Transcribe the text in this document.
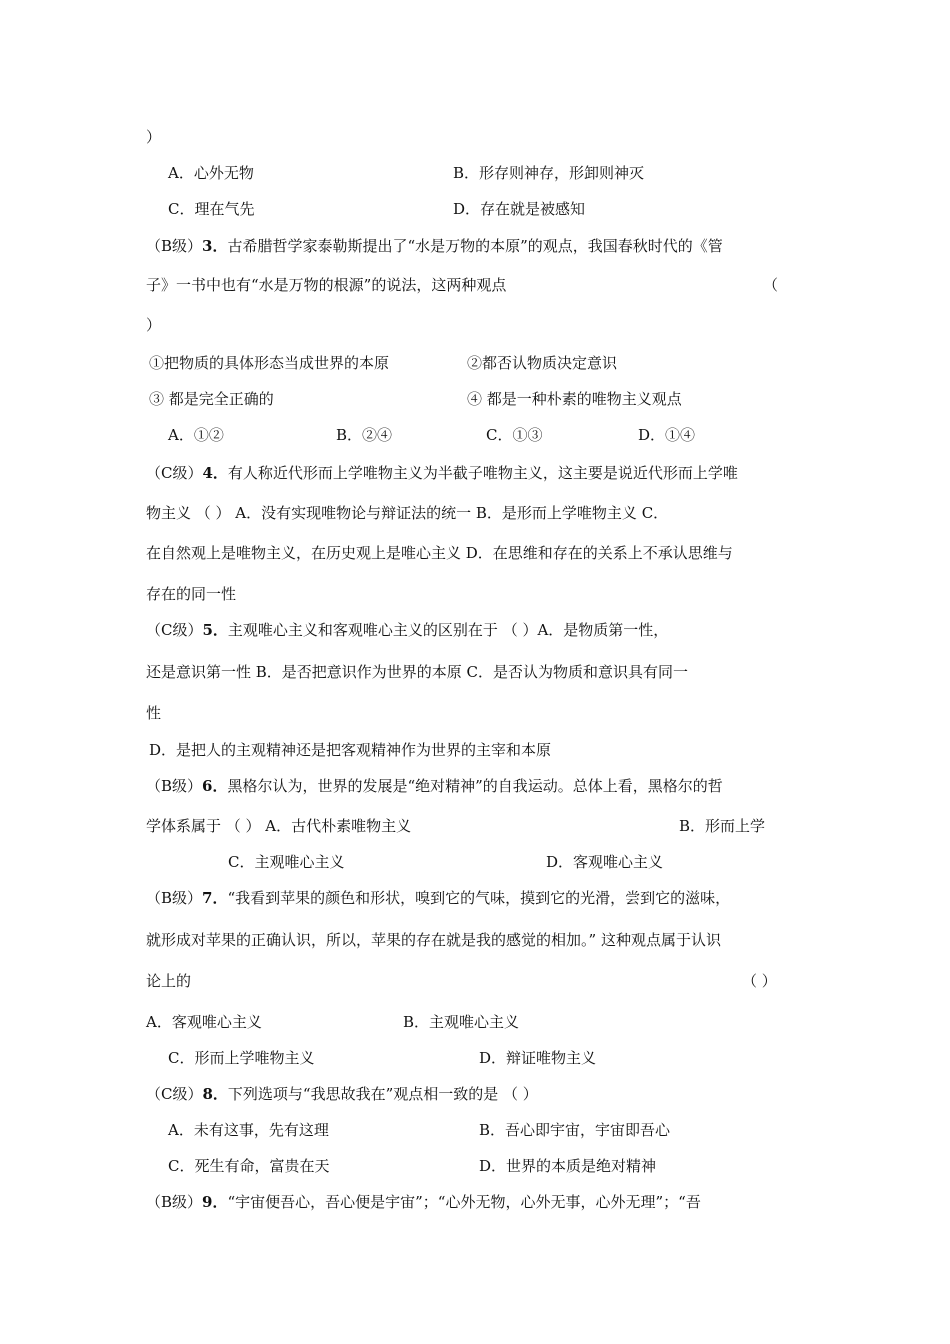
）
A．心外无物	B．形存则神存，形卸则神灭
C．理在气先	D．存在就是被感知
（B级）3．古希腊哲学家泰勒斯提出了“水是万物的本原”的观点，我国春秋时代的《管
子》一书中也有“水是万物的根源”的说法，这两种观点	（
）
①把物质的具体形态当成世界的本原	②都否认物质决定意识
③ 都是完全正确的	④ 都是一种朴素的唯物主义观点
A．①②	B．②④	C．①③	D．①④
（C级）4．有人称近代形而上学唯物主义为半截子唯物主义，这主要是说近代形而上学唯
物主义 （ ） A．没有实现唯物论与辩证法的统一 B．是形而上学唯物主义 C．
在自然观上是唯物主义，在历史观上是唯心主义 D．在思维和存在的关系上不承认思维与
存在的同一性
（C级）5．主观唯心主义和客观唯心主义的区别在于 （ ）A．是物质第一性，
还是意识第一性 B．是否把意识作为世界的本原 C．是否认为物质和意识具有同一
性
D．是把人的主观精神还是把客观精神作为世界的主宰和本原
（B级）6．黑格尔认为，世界的发展是“绝对精神”的自我运动。总体上看，黑格尔的哲
学体系属于 （ ） A．古代朴素唯物主义	B．形而上学
C．主观唯心主义	D．客观唯心主义
（B级）7．“我看到苹果的颜色和形状，嗅到它的气味，摸到它的光滑，尝到它的滋味，
就形成对苹果的正确认识，所以，苹果的存在就是我的感觉的相加。” 这种观点属于认识
论上的	（ ）
A．客观唯心主义	B．主观唯心主义
C．形而上学唯物主义	D．辩证唯物主义
（C级）8．下列选项与“我思故我在”观点相一致的是 （ ）
A．未有这事，先有这理	B．吾心即宇宙，宇宙即吾心
C．死生有命，富贵在天	D．世界的本质是绝对精神
（B级）9．“宇宙便吾心，吾心便是宇宙”；“心外无物，心外无事，心外无理”；“吾
